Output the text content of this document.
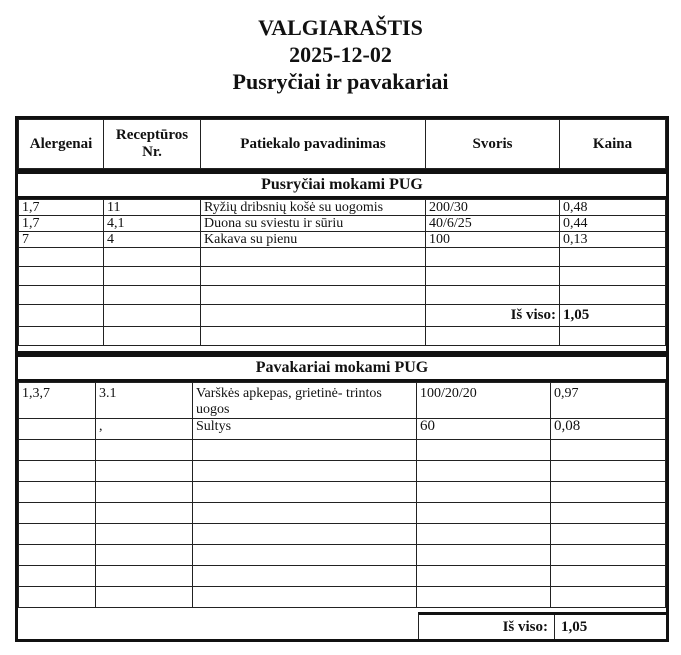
VALGIARAŠTIS
2025-12-02
Pusryčiai ir pavakariai
Alergenai	Receptūros Nr.	Patiekalo pavadinimas	Svoris	Kaina
Pusryčiai mokami PUG
1,7	11	Ryžių dribsnių košė su uogomis	200/30	0,48
1,7	4,1	Duona su sviestu ir sūriu	40/6/25	0,44
7	4	Kakava su pienu	100	0,13

			Iš viso:	1,05

Pavakariai mokami PUG
1,3,7	3.1	Varškės apkepas, grietinė- trintos uogos	100/20/20	0,97
	,	Sultys	60	0,08

Iš viso: 1,05
